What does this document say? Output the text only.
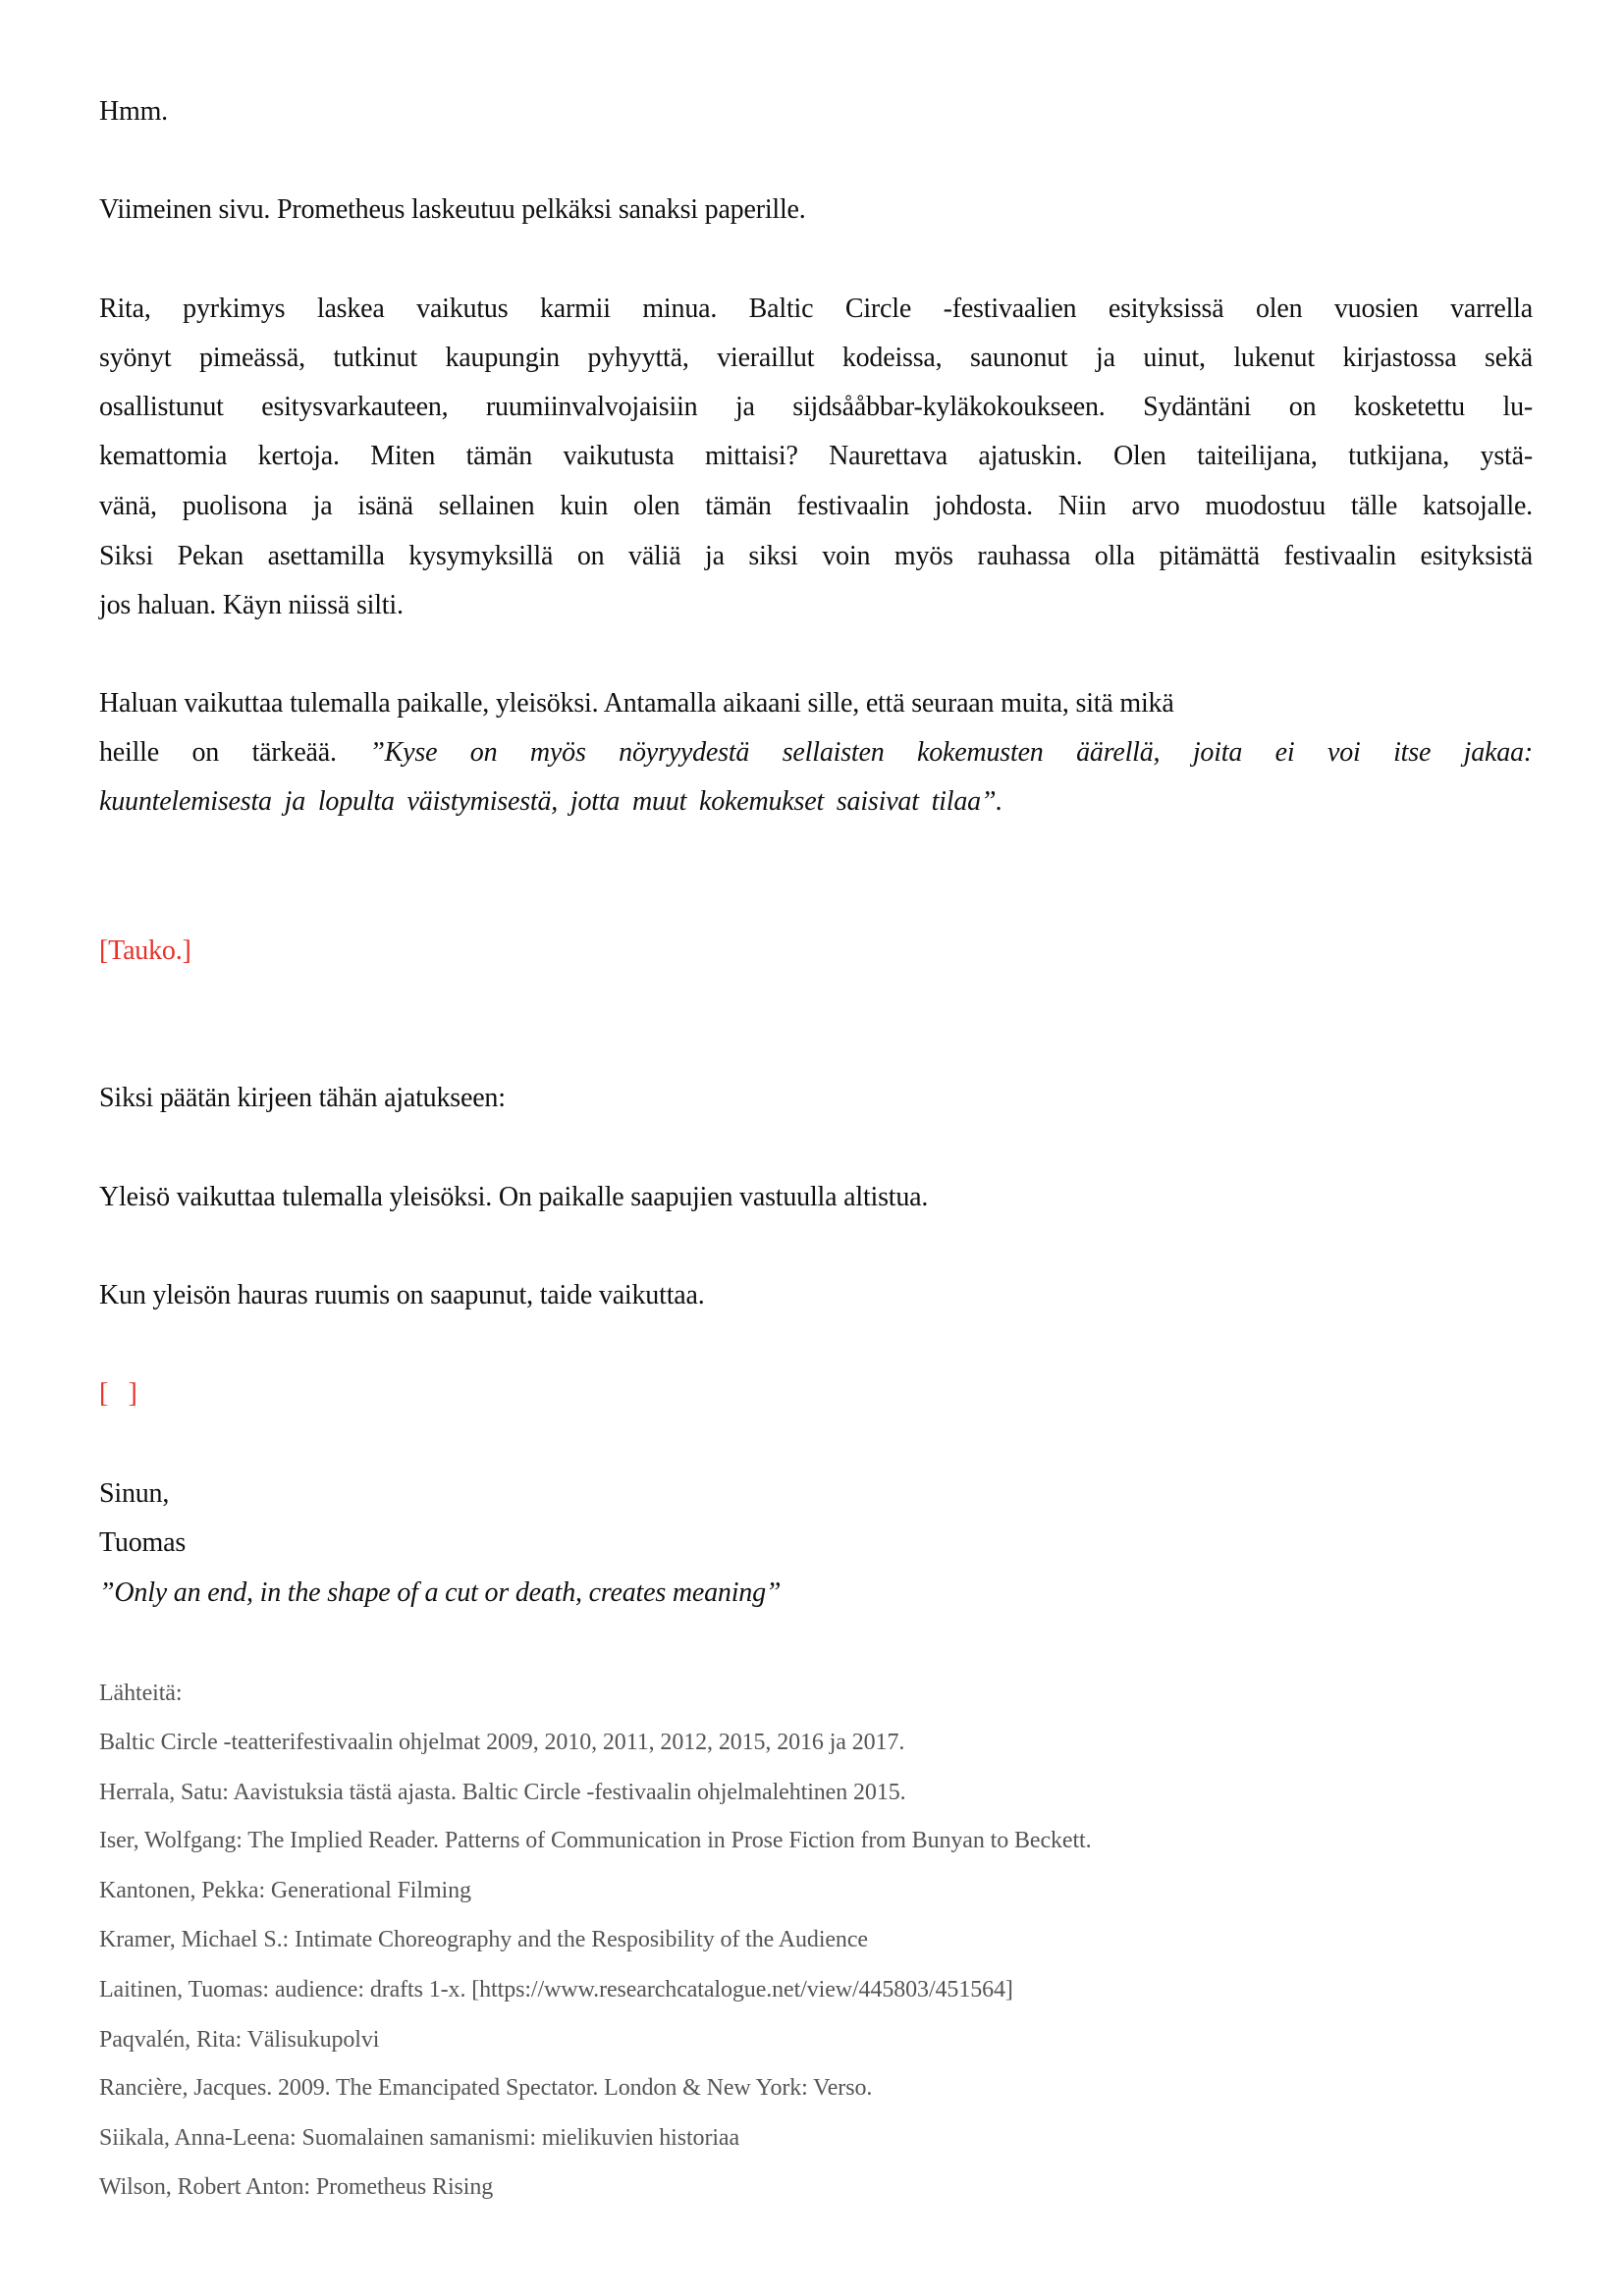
Hmm.
Viimeinen sivu. Prometheus laskeutuu pelkäksi sanaksi paperille.
Rita, pyrkimys laskea vaikutus karmii minua. Baltic Circle -festivaalien esityksissä olen vuosien varrella
syönyt pimeässä, tutkinut kaupungin pyhyyttä, vieraillut kodeissa, saunonut ja uinut, lukenut kirjastossa sekä
osallistunut esitysvarkauteen, ruumiinvalvojaisiin ja sijdsååbbar-kyläkokoukseen. Sydäntäni on kosketettu lu-
kemattomia kertoja. Miten tämän vaikutusta mittaisi? Naurettava ajatuskin. Olen taiteilijana, tutkijana, ystä-
vänä, puolisona ja isänä sellainen kuin olen tämän festivaalin johdosta. Niin arvo muodostuu tälle katsojalle.
Siksi Pekan asettamilla kysymyksillä on väliä ja siksi voin myös rauhassa olla pitämättä festivaalin esityksistä
jos haluan. Käyn niissä silti.
Haluan vaikuttaa tulemalla paikalle, yleisöksi. Antamalla aikaani sille, että seuraan muita, sitä mikä
heille on tärkeää. ”Kyse on myös nöyryydestä sellaisten kokemusten äärellä, joita ei voi itse jakaa:
kuuntelemisesta ja lopulta väistymisestä, jotta muut kokemukset saisivat tilaa”.
[Tauko.]
Siksi päätän kirjeen tähän ajatukseen:
Yleisö vaikuttaa tulemalla yleisöksi. On paikalle saapujien vastuulla altistua.
Kun yleisön hauras ruumis on saapunut, taide vaikuttaa.
[   ]
Sinun,
Tuomas
”Only an end, in the shape of a cut or death, creates meaning”
Lähteitä:
Baltic Circle -teatterifestivaalin ohjelmat 2009, 2010, 2011, 2012, 2015, 2016 ja 2017.
Herrala, Satu: Aavistuksia tästä ajasta. Baltic Circle -festivaalin ohjelmalehtinen 2015.
Iser, Wolfgang: The Implied Reader. Patterns of Communication in Prose Fiction from Bunyan to Beckett.
Kantonen, Pekka: Generational Filming
Kramer, Michael S.: Intimate Choreography and the Resposibility of the Audience
Laitinen, Tuomas: audience: drafts 1-x. [https://www.researchcatalogue.net/view/445803/451564]
Paqvalén, Rita: Välisukupolvi
Rancière, Jacques. 2009. The Emancipated Spectator. London & New York: Verso.
Siikala, Anna-Leena: Suomalainen samanismi: mielikuvien historiaa
Wilson, Robert Anton: Prometheus Rising
